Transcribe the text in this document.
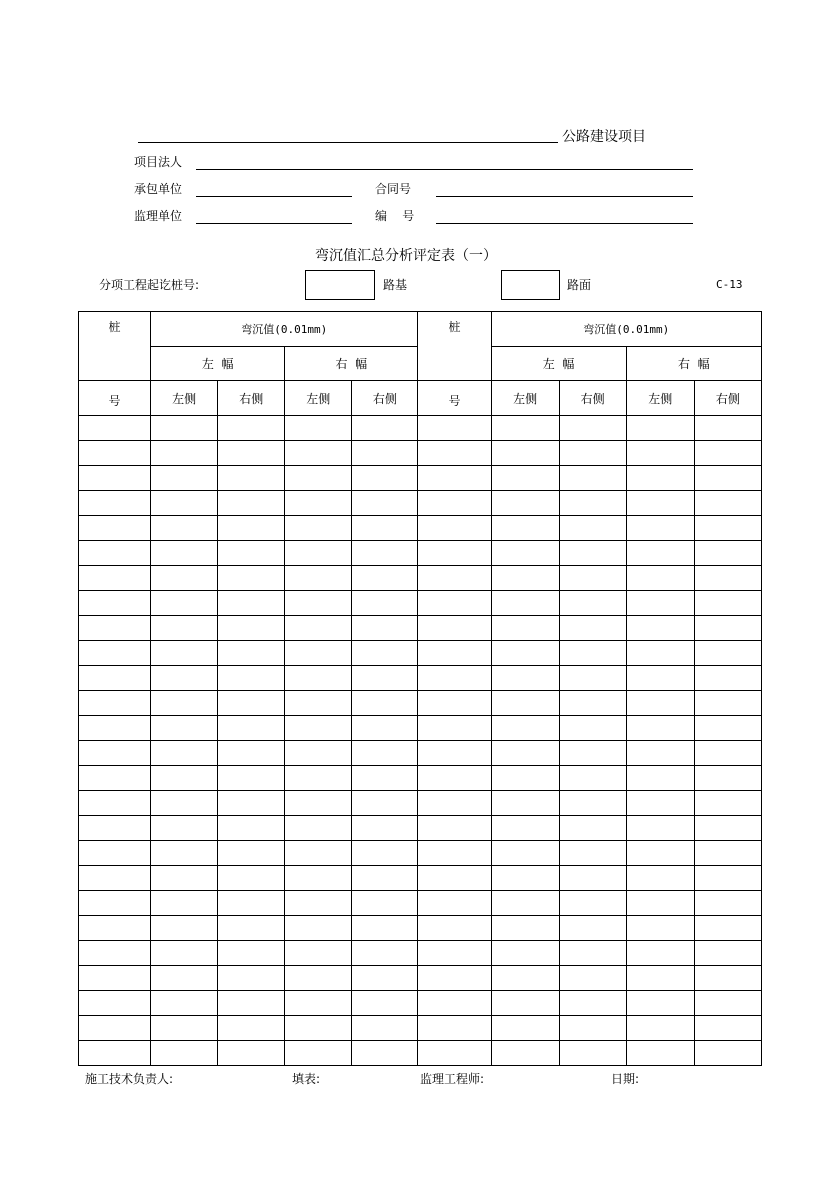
公路建设项目
项目法人
承包单位	合同号
监理单位	编    号
弯沉值汇总分析评定表（一）
分项工程起讫桩号:	路基	路面	C-13
桩	弯沉值(0.01mm)				桩	弯沉值(0.01mm)			
	左  幅		右  幅			左  幅		右  幅	
号	左侧	右侧	左侧	右侧	号	左侧	右侧	左侧	右侧

施工技术负责人:	填表:	监理工程师:	日期:
